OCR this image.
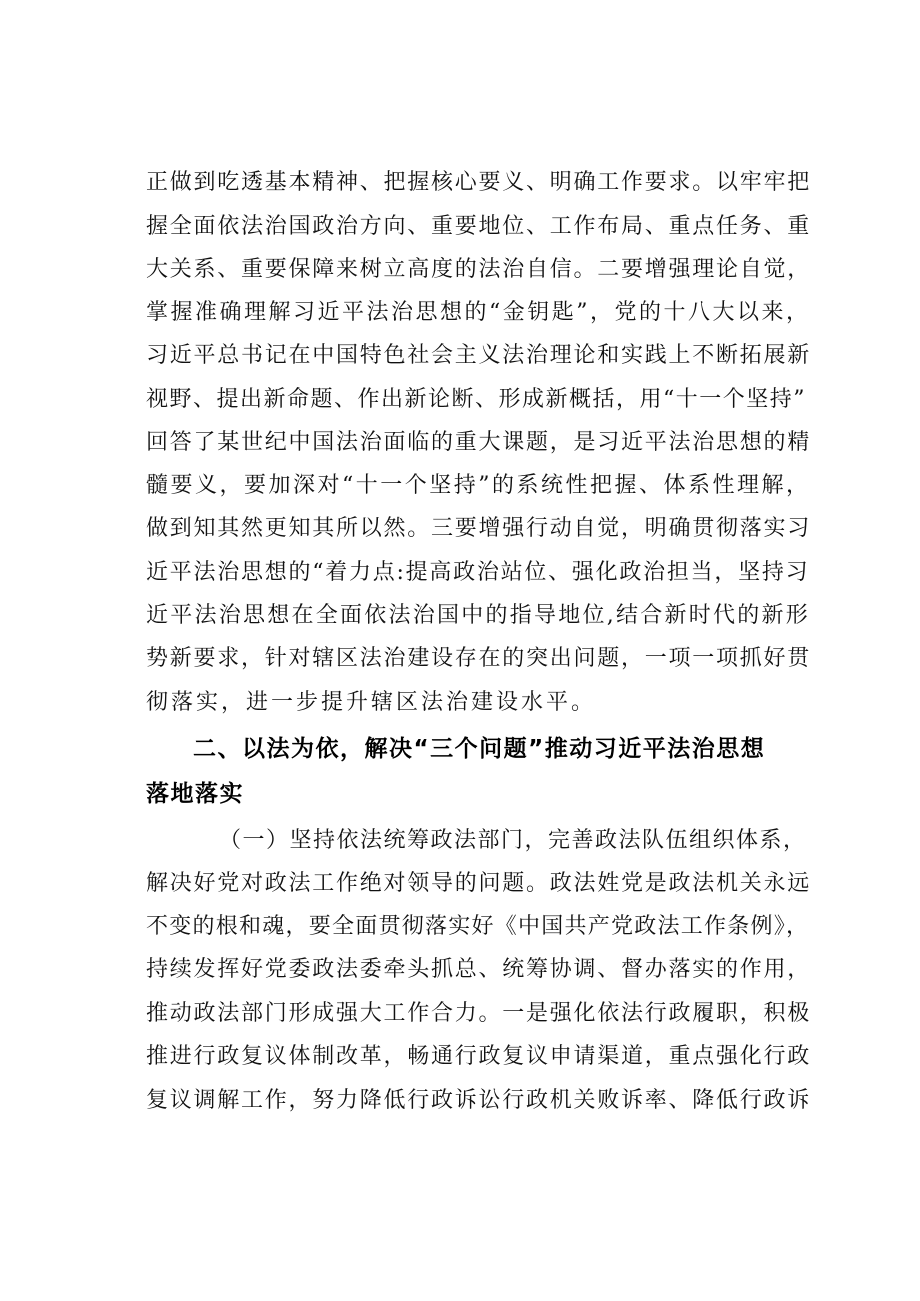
正做到吃透基本精神、把握核心要义、明确工作要求。以牢牢把

握全面依法治国政治方向、重要地位、工作布局、重点任务、重

大关系、重要保障来树立高度的法治自信。二要增强理论自觉，

掌握准确理解习近平法治思想的“金钥匙”，党的十八大以来，

习近平总书记在中国特色社会主义法治理论和实践上不断拓展新

视野、提出新命题、作出新论断、形成新概括，用“十一个坚持”

回答了某世纪中国法治面临的重大课题，是习近平法治思想的精

髓要义，要加深对“十一个坚持”的系统性把握、体系性理解，

做到知其然更知其所以然。三要增强行动自觉，明确贯彻落实习

近平法治思想的“着力点:提高政治站位、强化政治担当，坚持习

近平法治思想在全面依法治国中的指导地位,结合新时代的新形

势新要求，针对辖区法治建设存在的突出问题，一项一项抓好贯

彻落实，进一步提升辖区法治建设水平。

二、以法为依，解决“三个问题”推动习近平法治思想

落地落实

（一）坚持依法统筹政法部门，完善政法队伍组织体系，

解决好党对政法工作绝对领导的问题。政法姓党是政法机关永远

不变的根和魂，要全面贯彻落实好《中国共产党政法工作条例》，

持续发挥好党委政法委牵头抓总、统筹协调、督办落实的作用，

推动政法部门形成强大工作合力。一是强化依法行政履职，积极

推进行政复议体制改革，畅通行政复议申请渠道，重点强化行政

复议调解工作，努力降低行政诉讼行政机关败诉率、降低行政诉
